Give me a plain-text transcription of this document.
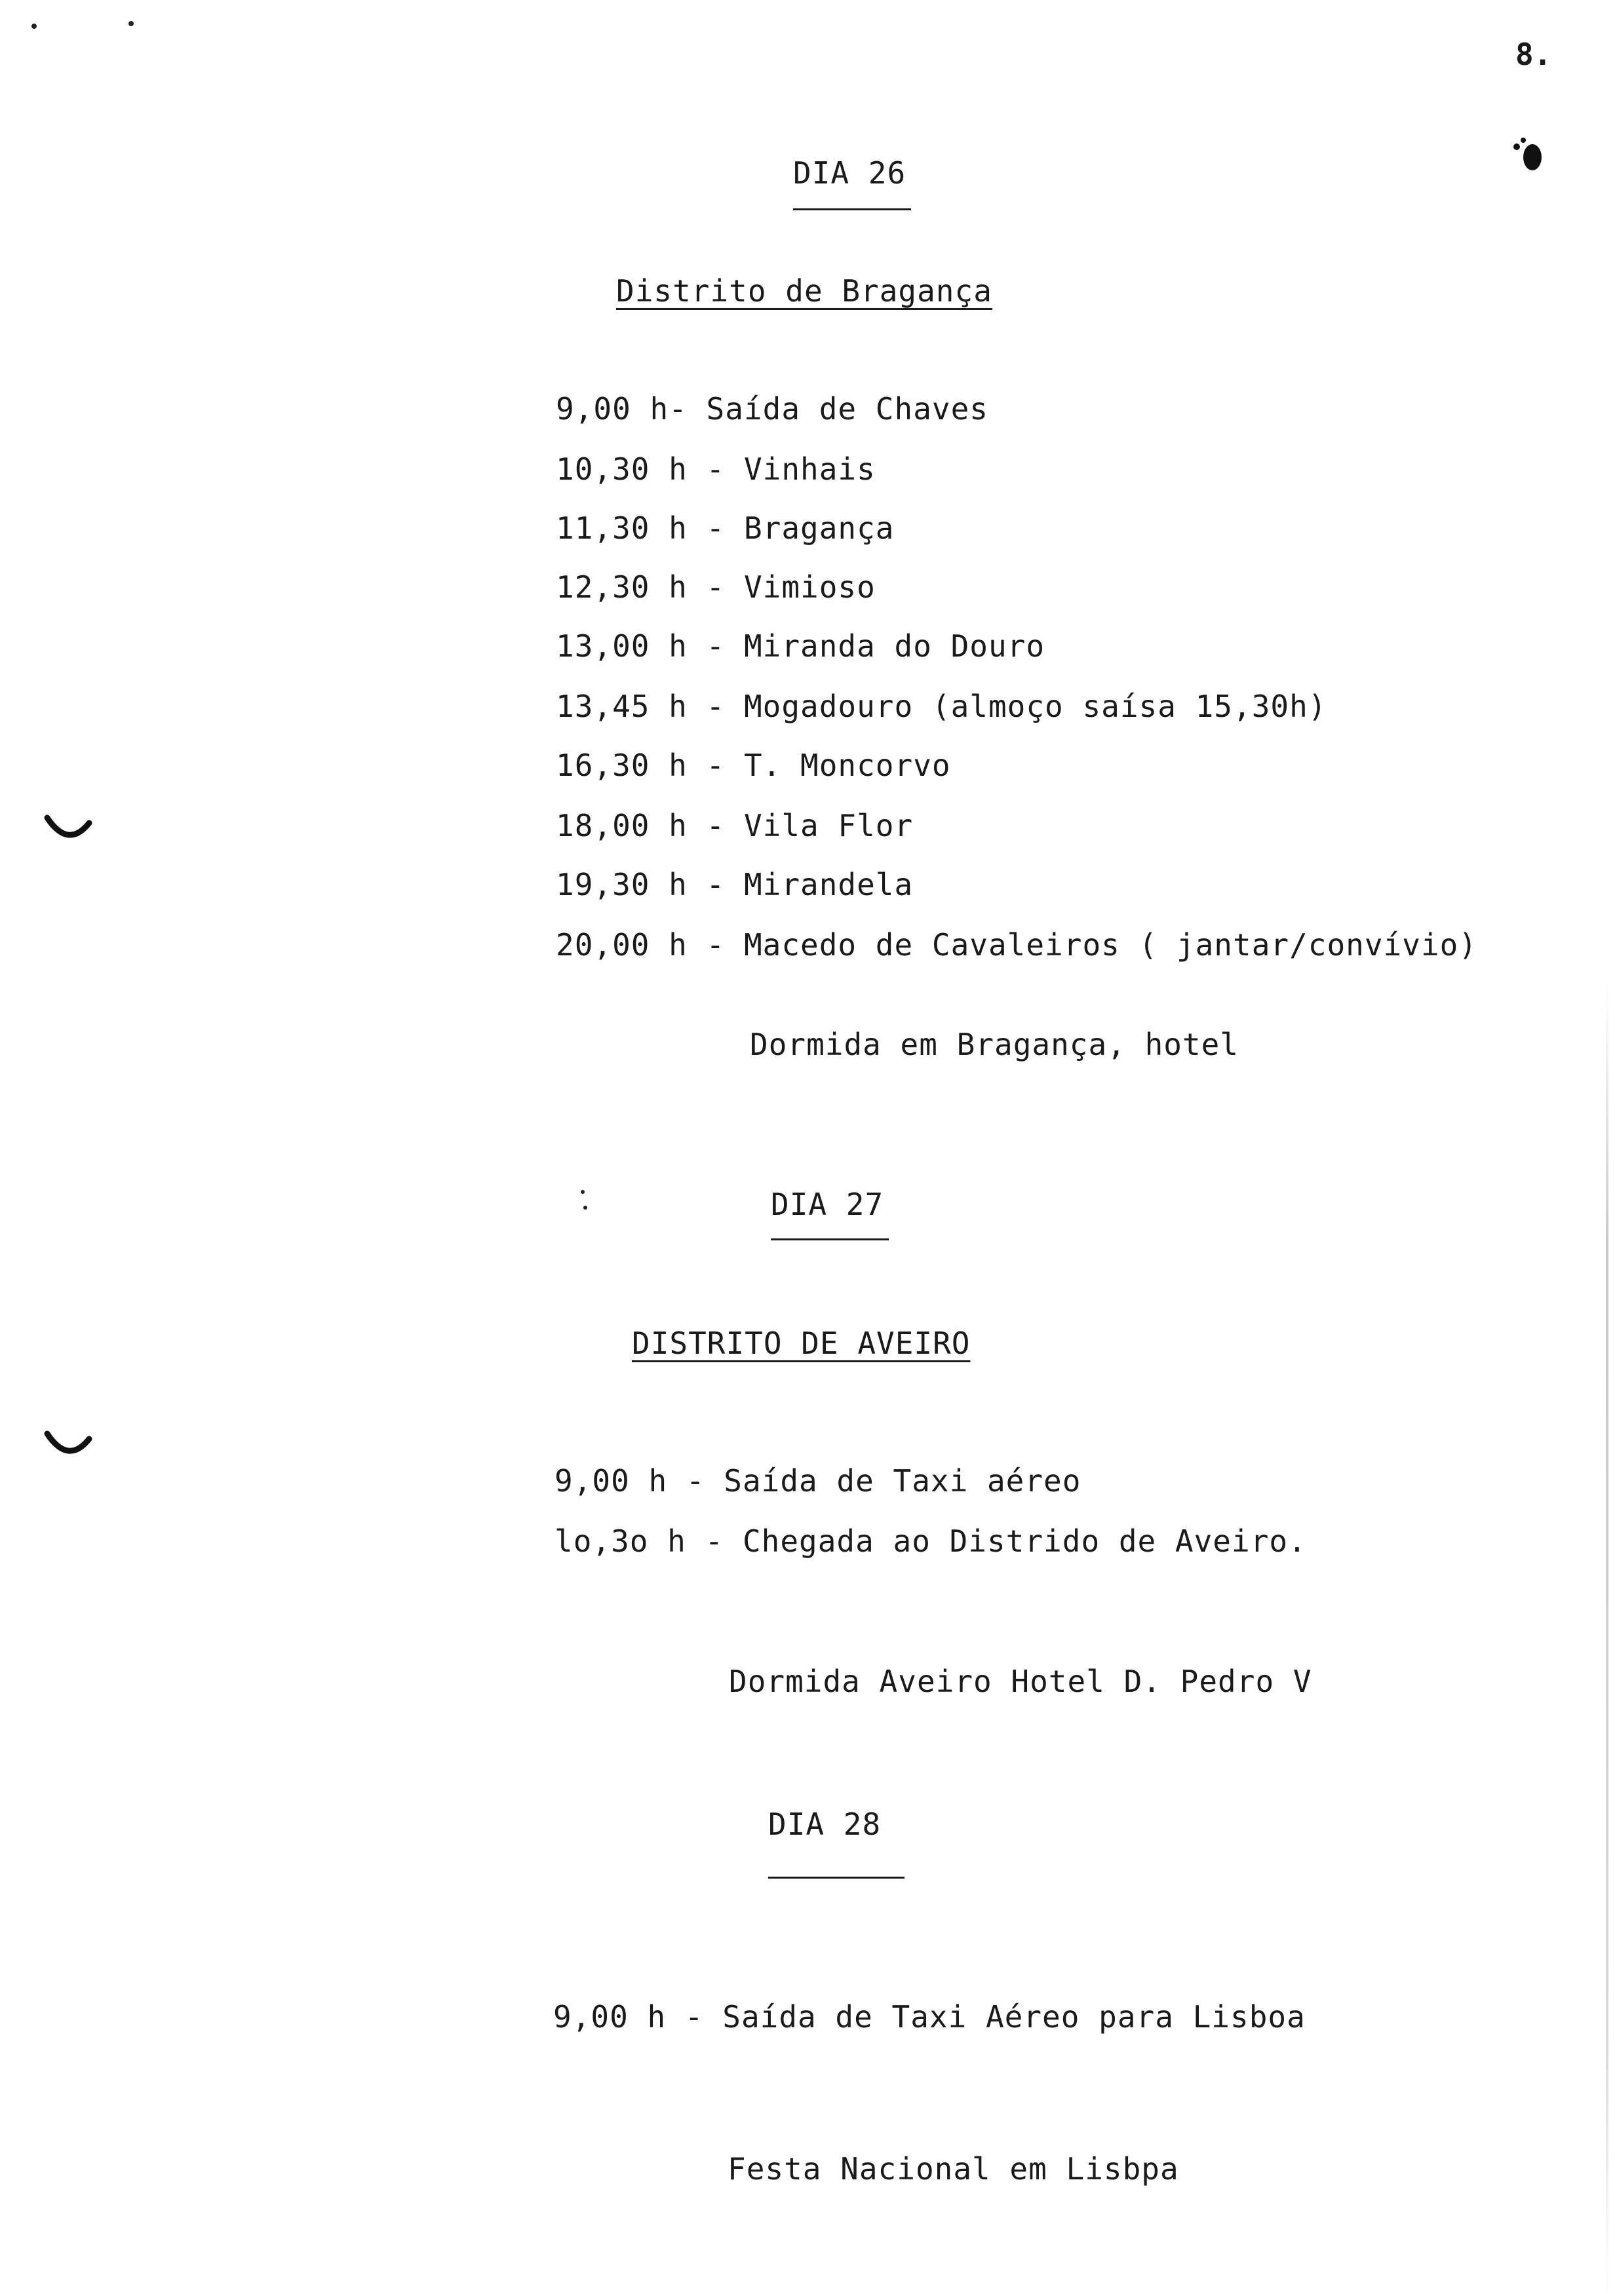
8.
DIA 26
Distrito de Bragança
9,00 h- Saída de Chaves
10,30 h - Vinhais
11,30 h - Bragança
12,30 h - Vimioso
13,00 h - Miranda do Douro
13,45 h - Mogadouro (almoço saísa 15,30h)
16,30 h - T. Moncorvo
18,00 h - Vila Flor
19,30 h - Mirandela
20,00 h - Macedo de Cavaleiros ( jantar/convívio)
Dormida em Bragança, hotel
DIA 27
DISTRITO DE AVEIRO
9,00 h - Saída de Taxi aéreo
lo,3o h - Chegada ao Distrido de Aveiro.
Dormida Aveiro Hotel D. Pedro V
DIA 28
9,00 h - Saída de Taxi Aéreo para Lisboa
Festa Nacional em Lisbpa
